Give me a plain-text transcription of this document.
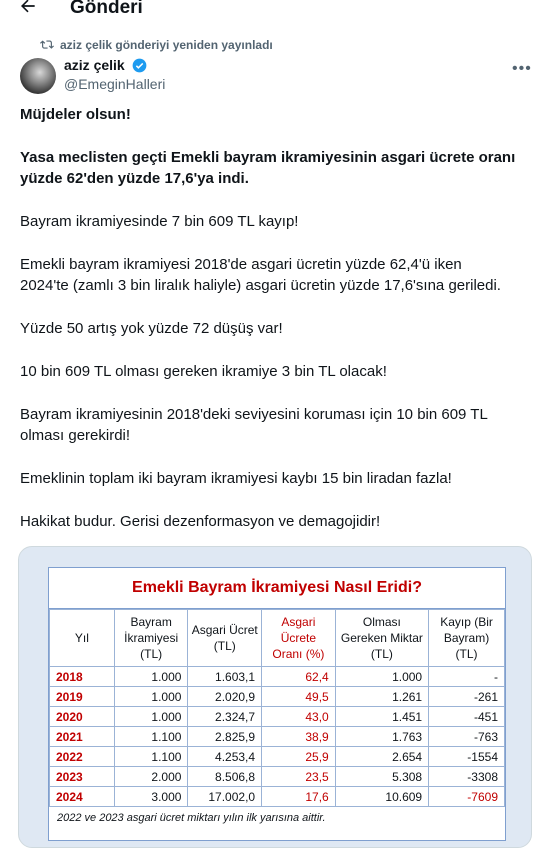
Gönderi
aziz çelik gönderiyi yeniden yayınladı
aziz çelik
@EmeginHalleri
•••

Müjdeler olsun!

Yasa meclisten geçti Emekli bayram ikramiyesinin asgari ücrete oranı
yüzde 62'den yüzde 17,6'ya indi.

Bayram ikramiyesinde 7 bin 609 TL kayıp!

Emekli bayram ikramiyesi 2018'de asgari ücretin yüzde 62,4'ü iken
2024'te (zamlı 3 bin liralık haliyle) asgari ücretin yüzde 17,6'sına geriledi.

Yüzde 50 artış yok yüzde 72 düşüş var!

10 bin 609 TL olması gereken ikramiye 3 bin TL olacak!

Bayram ikramiyesinin 2018'deki seviyesini koruması için 10 bin 609 TL
olması gerekirdi!

Emeklinin toplam iki bayram ikramiyesi kaybı 15 bin liradan fazla!

Hakikat budur. Gerisi dezenformasyon ve demagojidir!

Emekli Bayram İkramiyesi Nasıl Eridi?
Yıl	Bayram İkramiyesi (TL)	Asgari Ücret (TL)	Asgari Ücrete Oranı (%)	Olması Gereken Miktar (TL)	Kayıp (Bir Bayram) (TL)
2018	1.000	1.603,1	62,4	1.000	-
2019	1.000	2.020,9	49,5	1.261	-261
2020	1.000	2.324,7	43,0	1.451	-451
2021	1.100	2.825,9	38,9	1.763	-763
2022	1.100	4.253,4	25,9	2.654	-1554
2023	2.000	8.506,8	23,5	5.308	-3308
2024	3.000	17.002,0	17,6	10.609	-7609
2022 ve 2023 asgari ücret miktarı yılın ilk yarısına aittir.
